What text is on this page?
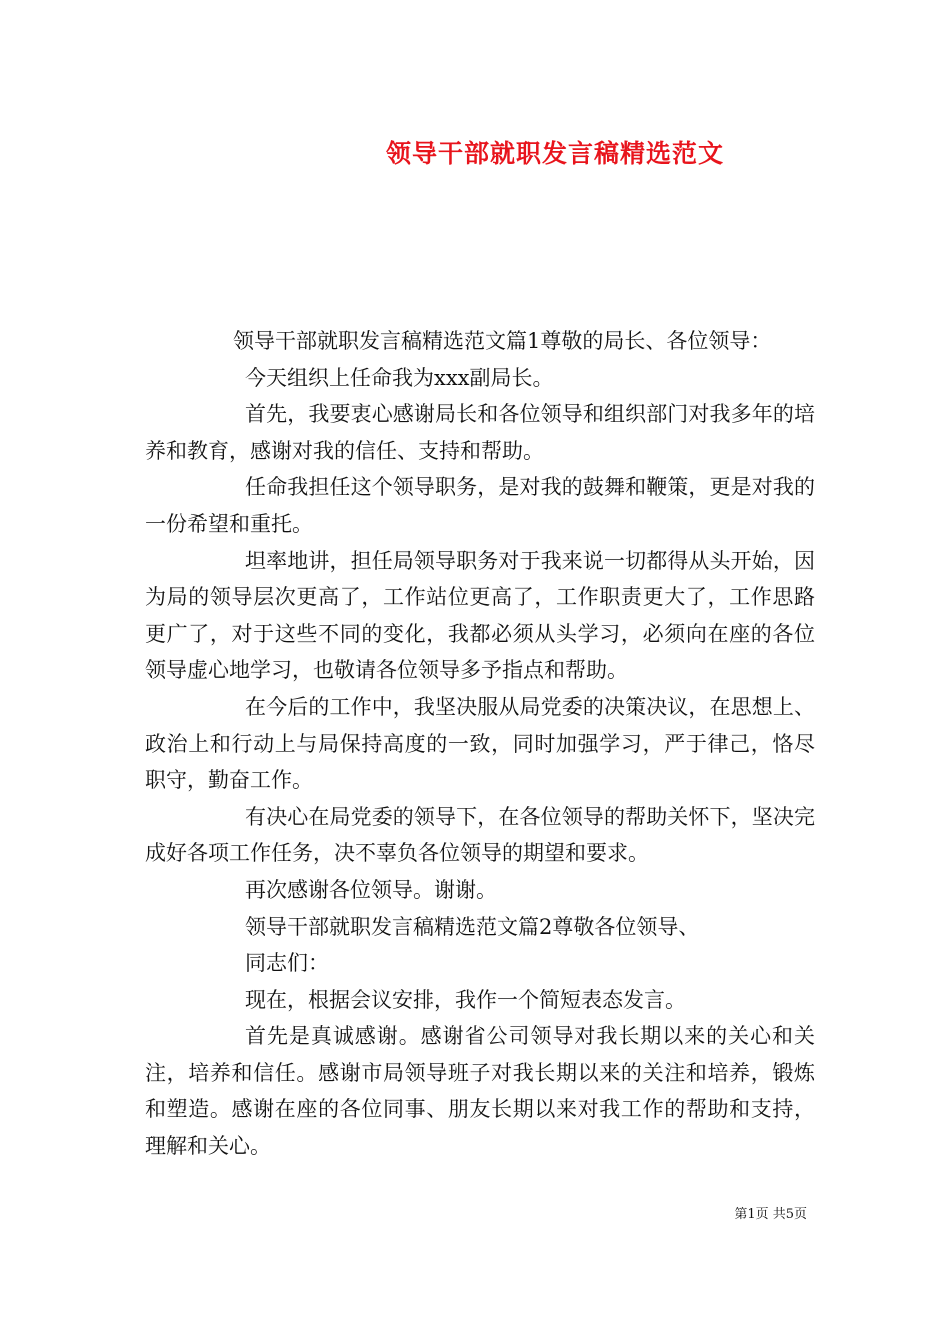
领导干部就职发言稿精选范文

领导干部就职发言稿精选范文篇1尊敬的局长、各位领导：

今天组织上任命我为xxx副局长。

首先，我要衷心感谢局长和各位领导和组织部门对我多年的培养和教育，感谢对我的信任、支持和帮助。

任命我担任这个领导职务，是对我的鼓舞和鞭策，更是对我的一份希望和重托。

坦率地讲，担任局领导职务对于我来说一切都得从头开始，因为局的领导层次更高了，工作站位更高了，工作职责更大了，工作思路更广了，对于这些不同的变化，我都必须从头学习，必须向在座的各位领导虚心地学习，也敬请各位领导多予指点和帮助。

在今后的工作中，我坚决服从局党委的决策决议，在思想上、政治上和行动上与局保持高度的一致，同时加强学习，严于律己，恪尽职守，勤奋工作。

有决心在局党委的领导下，在各位领导的帮助关怀下，坚决完成好各项工作任务，决不辜负各位领导的期望和要求。

再次感谢各位领导。谢谢。

领导干部就职发言稿精选范文篇2尊敬各位领导、

同志们：

现在，根据会议安排，我作一个简短表态发言。

首先是真诚感谢。感谢省公司领导对我长期以来的关心和关注，培养和信任。感谢市局领导班子对我长期以来的关注和培养，锻炼和塑造。感谢在座的各位同事、朋友长期以来对我工作的帮助和支持，理解和关心。

第1页 共5页
